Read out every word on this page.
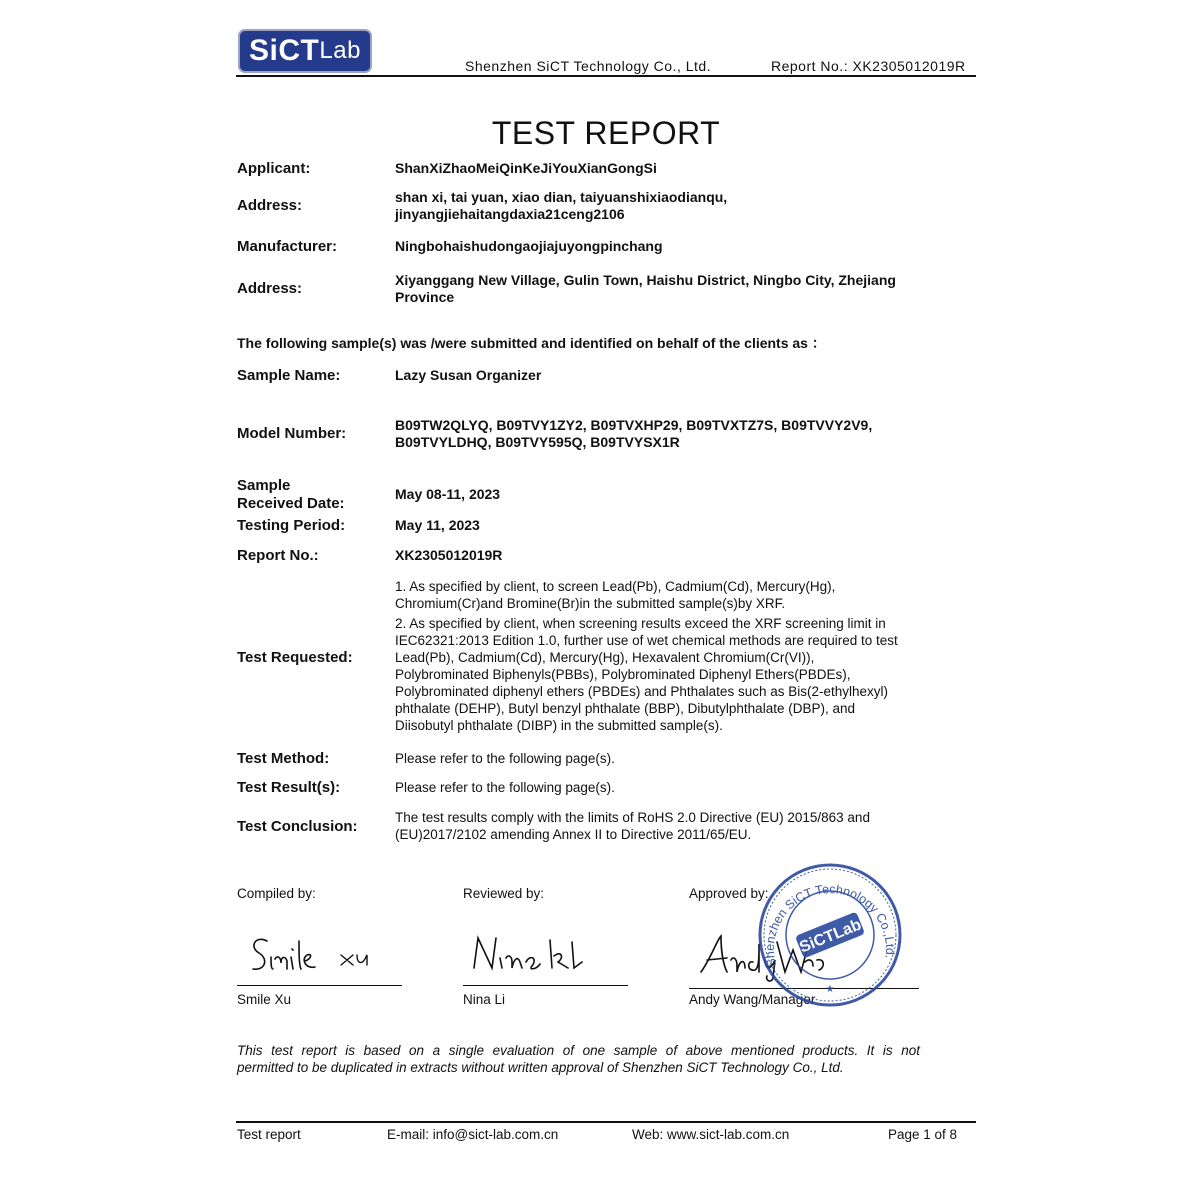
SiCT Lab
Shenzhen SiCT Technology Co., Ltd.	Report No.: XK2305012019R
TEST REPORT
Applicant:	ShanXiZhaoMeiQinKeJiYouXianGongSi
Address:	shan xi, tai yuan, xiao dian, taiyuanshixiaodianqu,
jinyangjiehaitangdaxia21ceng2106
Manufacturer:	Ningbohaishudongaojiajuyongpinchang
Address:	Xiyanggang New Village, Gulin Town, Haishu District, Ningbo City, Zhejiang
Province
The following sample(s) was /were submitted and identified on behalf of the clients as ：
Sample Name:	Lazy Susan Organizer
Model Number:	B09TW2QLYQ, B09TVY1ZY2, B09TVXHP29, B09TVXTZ7S, B09TVVY2V9,
B09TVYLDHQ, B09TVY595Q, B09TVYSX1R
Sample
Received Date:
May 08-11, 2023
Testing Period:	May 11, 2023
Report No.:	XK2305012019R
Test Requested:
1. As specified by client, to screen Lead(Pb), Cadmium(Cd), Mercury(Hg),
Chromium(Cr)and Bromine(Br)in the submitted sample(s)by XRF.
2. As specified by client, when screening results exceed the XRF screening limit in
IEC62321:2013 Edition 1.0, further use of wet chemical methods are required to test
Lead(Pb), Cadmium(Cd), Mercury(Hg), Hexavalent Chromium(Cr(VI)),
Polybrominated Biphenyls(PBBs), Polybrominated Diphenyl Ethers(PBDEs),
Polybrominated diphenyl ethers (PBDEs) and Phthalates such as Bis(2-ethylhexyl)
phthalate (DEHP), Butyl benzyl phthalate (BBP), Dibutylphthalate (DBP), and
Diisobutyl phthalate (DIBP) in the submitted sample(s).
Test Method:	Please refer to the following page(s).
Test Result(s):	Please refer to the following page(s).
Test Conclusion:
The test results comply with the limits of RoHS 2.0 Directive (EU) 2015/863 and
(EU)2017/2102 amending Annex II to Directive 2011/65/EU.
Compiled by:	Reviewed by:	Approved by:
Smile Xu	Nina Li	Andy Wang/Manager
Shenzhen SiCT Technology Co.,Ltd.
SiCTLab
★
This test report is based on a single evaluation of one sample of above mentioned products. It is not
permitted to be duplicated in extracts without written approval of Shenzhen SiCT Technology Co., Ltd.
Test report	E-mail: info@sict-lab.com.cn	Web: www.sict-lab.com.cn	Page 1 of 8
